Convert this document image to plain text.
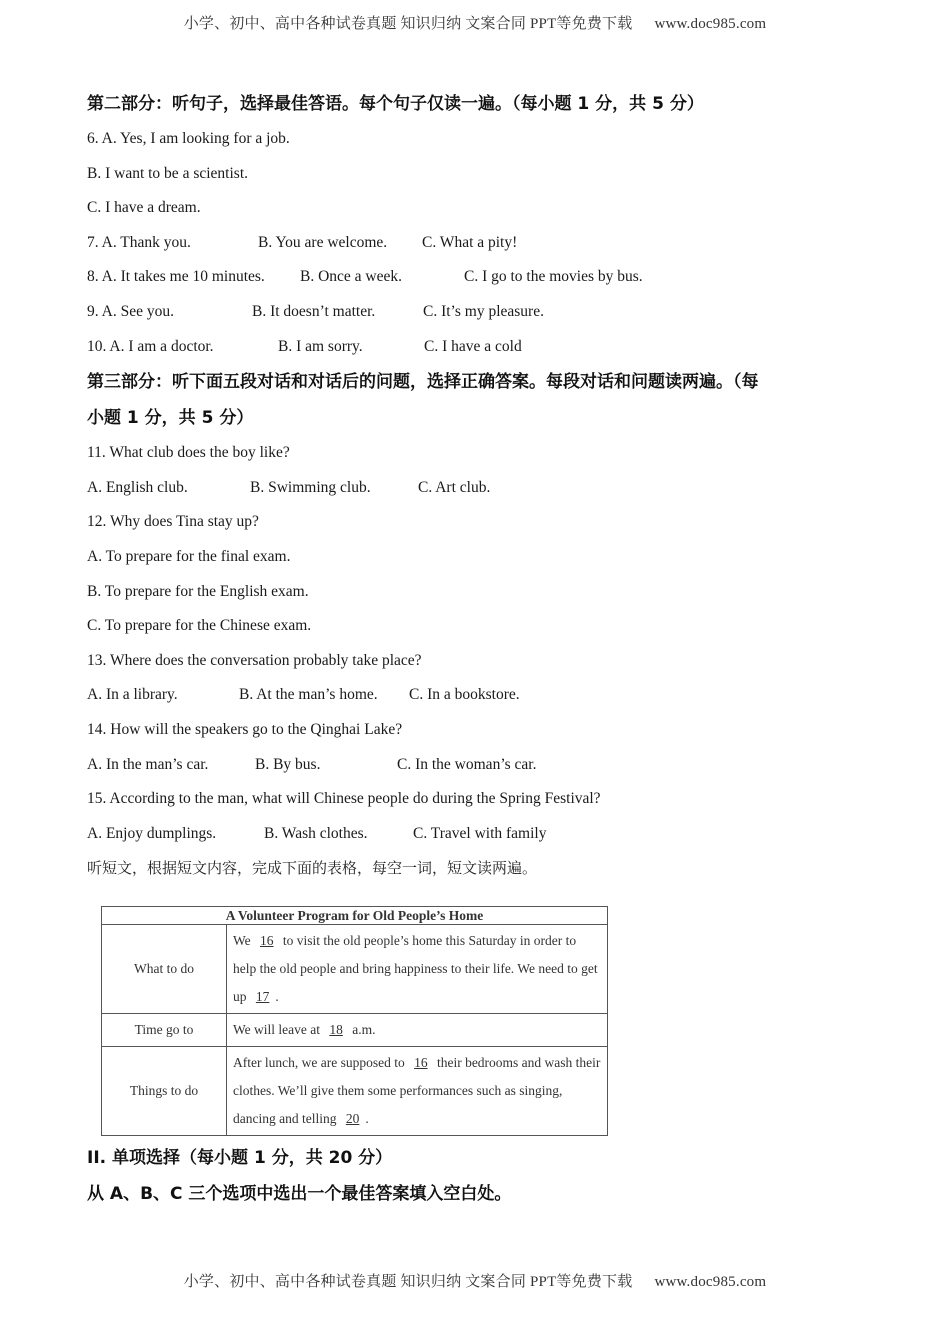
小学、初中、高中各种试卷真题 知识归纳 文案合同 PPT等免费下载 www.doc985.com

第二部分：听句子，选择最佳答语。每个句子仅读一遍。（每小题 1 分，共 5 分）

6. A. Yes, I am looking for a job.

B. I want to be a scientist.

C. I have a dream.

7. A. Thank you.	B. You are welcome. C. What a pity!

8. A. It takes me 10 minutes. B. Once a week.	C. I go to the movies by bus.

9. A. See you.	B. It doesn’t matter.	C. It’s my pleasure.

10. A. I am a doctor.	B. I am sorry.	C. I have a cold

第三部分：听下面五段对话和对话后的问题，选择正确答案。每段对话和问题读两遍。（每

小题 1 分，共 5 分）

11. What club does the boy like?

A. English club.	B. Swimming club.	C. Art club.

12. Why does Tina stay up?

A. To prepare for the final exam.

B. To prepare for the English exam.

C. To prepare for the Chinese exam.

13. Where does the conversation probably take place?

A. In a library.	B. At the man’s home. C. In a bookstore.

14. How will the speakers go to the Qinghai Lake?

A. In the man’s car.	B. By bus.	C. In the woman’s car.

15. According to the man, what will Chinese people do during the Spring Festival?

A. Enjoy dumplings.	B. Wash clothes.	C. Travel with family

听短文，根据短文内容，完成下面的表格，每空一词，短文读两遍。

A Volunteer Program for Old People’s Home	
What to do	We 16 to visit the old people’s home this Saturday in order to help the old people and bring happiness to their life. We need to get up 17 .
Time go to	We will leave at 18 a.m.
Things to do	After lunch, we are supposed to 16 their bedrooms and wash their clothes. We’ll give them some performances such as singing, dancing and telling 20 .

II. 单项选择（每小题 1 分，共 20 分）

从 A、B、C 三个选项中选出一个最佳答案填入空白处。

小学、初中、高中各种试卷真题 知识归纳 文案合同 PPT等免费下载 www.doc985.com
